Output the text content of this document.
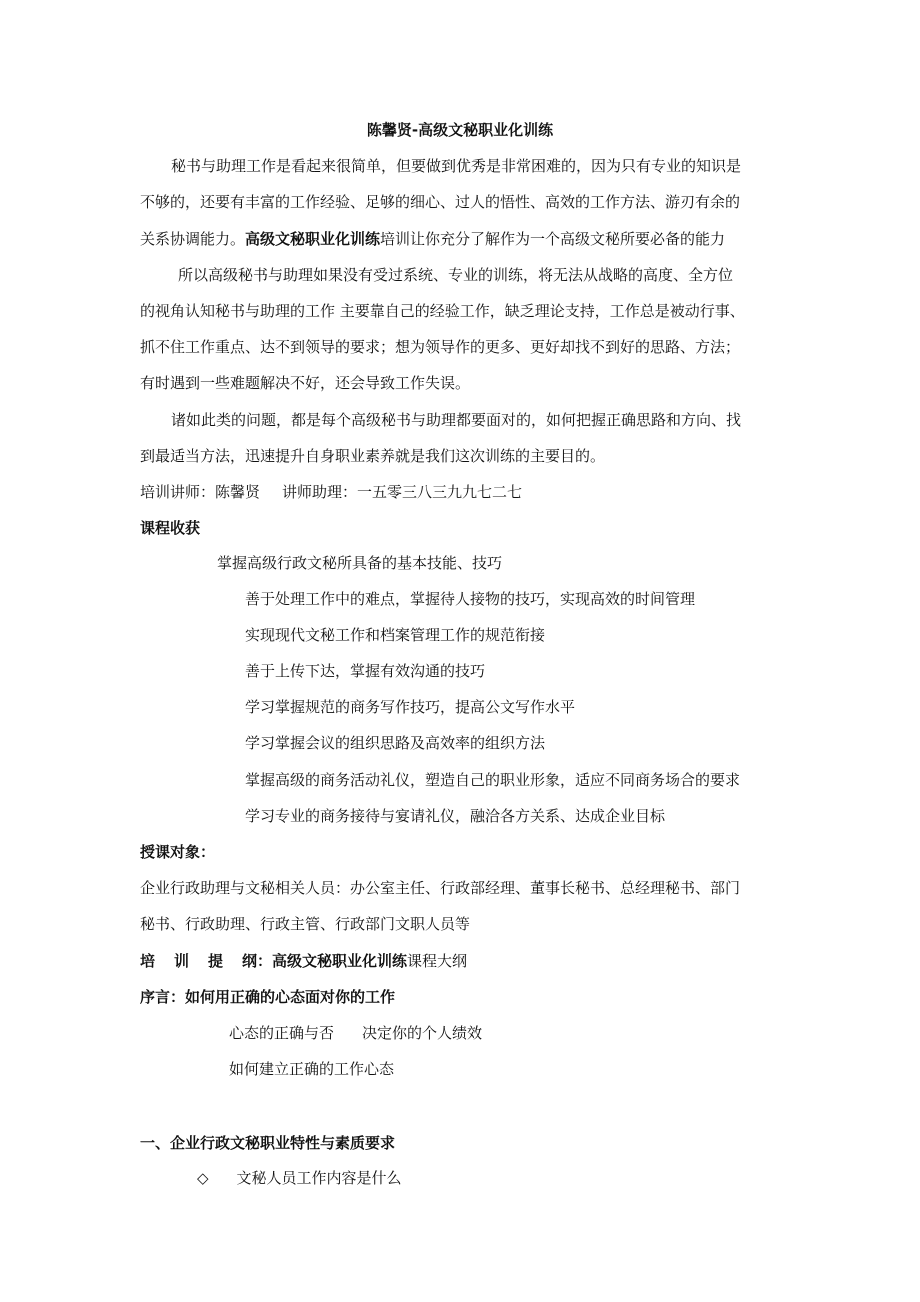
陈馨贤-高级文秘职业化训练
秘书与助理工作是看起来很简单，但要做到优秀是非常困难的，因为只有专业的知识是
不够的，还要有丰富的工作经验、足够的细心、过人的悟性、高效的工作方法、游刃有余的
关系协调能力。高级文秘职业化训练培训让你充分了解作为一个高级文秘所要必备的能力
所以高级秘书与助理如果没有受过系统、专业的训练，将无法从战略的高度、全方位
的视角认知秘书与助理的工作 主要靠自己的经验工作，缺乏理论支持，工作总是被动行事、
抓不住工作重点、达不到领导的要求；想为领导作的更多、更好却找不到好的思路、方法；
有时遇到一些难题解决不好，还会导致工作失误。
诸如此类的问题，都是每个高级秘书与助理都要面对的，如何把握正确思路和方向、找
到最适当方法，迅速提升自身职业素养就是我们这次训练的主要目的。
培训讲师：陈馨贤 讲师助理：一五零三八三九九七二七
课程收获
掌握高级行政文秘所具备的基本技能、技巧
善于处理工作中的难点，掌握待人接物的技巧，实现高效的时间管理
实现现代文秘工作和档案管理工作的规范衔接
善于上传下达，掌握有效沟通的技巧
学习掌握规范的商务写作技巧，提高公文写作水平
学习掌握会议的组织思路及高效率的组织方法
掌握高级的商务活动礼仪，塑造自己的职业形象，适应不同商务场合的要求
学习专业的商务接待与宴请礼仪，融洽各方关系、达成企业目标
授课对象：
企业行政助理与文秘相关人员：办公室主任、行政部经理、董事长秘书、总经理秘书、部门
秘书、行政助理、行政主管、行政部门文职人员等
培 训 提 纲：高级文秘职业化训练课程大纲
序言：如何用正确的心态面对你的工作
心态的正确与否 决定你的个人绩效
如何建立正确的工作心态
一、企业行政文秘职业特性与素质要求
◇ 文秘人员工作内容是什么
